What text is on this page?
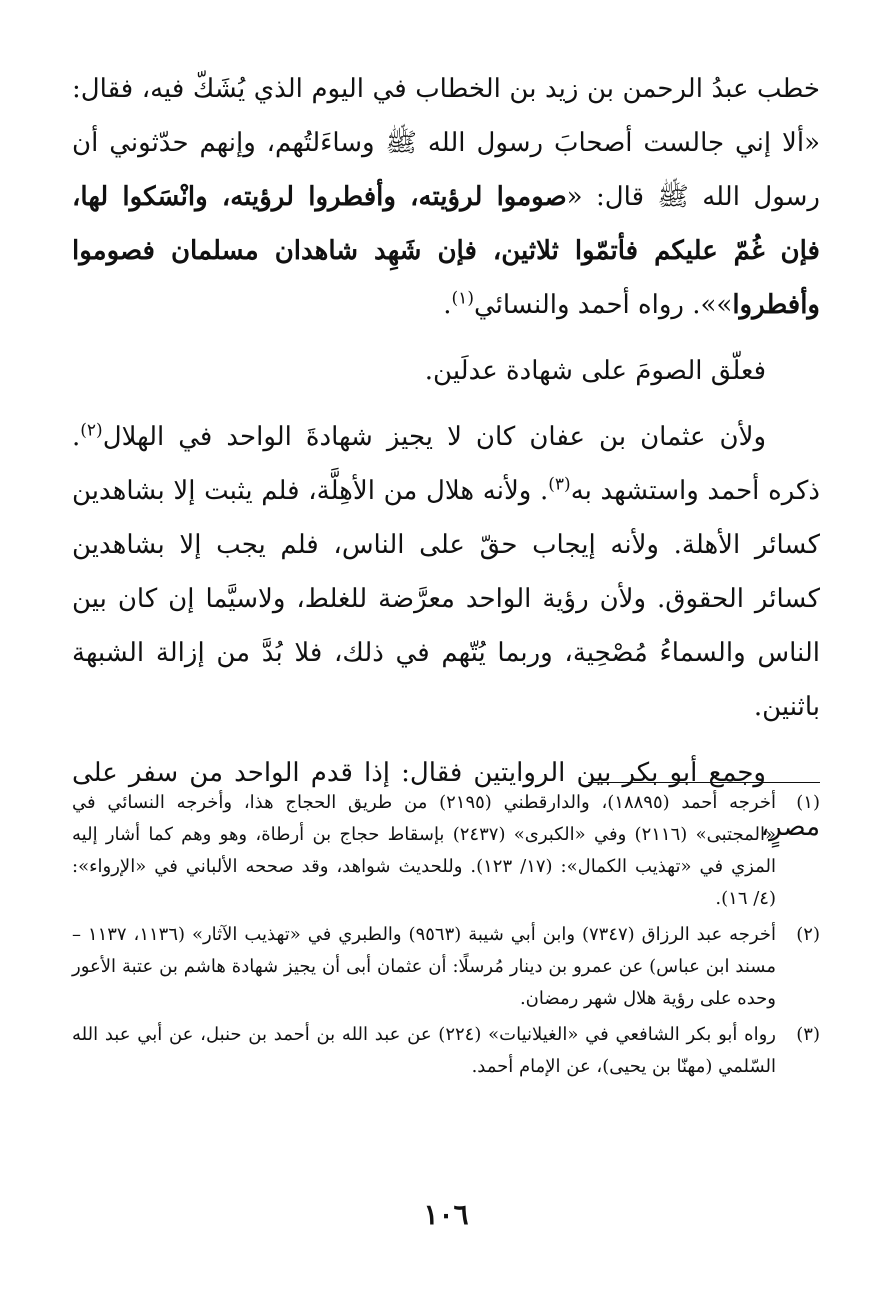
خطب عبدُ الرحمن بن زيد بن الخطاب في اليوم الذي يُشَكّ فيه، فقال: «ألا إني جالست أصحابَ رسول الله ﷺ وساءَلتُهم، وإنهم حدّثوني أن رسول الله ﷺ قال: «صوموا لرؤيته، وأفطروا لرؤيته، وانْسَكوا لها، فإن غُمّ عليكم فأتمّوا ثلاثين، فإن شَهِد شاهدان مسلمان فصوموا وأفطروا»». رواه أحمد والنسائي$^{(١)}$.

فعلّق الصومَ على شهادة عدلَين.

ولأن عثمان بن عفان كان لا يجيز شهادةَ الواحد في الهلال$^{(٢)}$. ذكره أحمد واستشهد به$^{(٣)}$. ولأنه هلال من الأهِلَّة، فلم يثبت إلا بشاهدين كسائر الأهلة. ولأنه إيجاب حقّ على الناس، فلم يجب إلا بشاهدين كسائر الحقوق. ولأن رؤية الواحد معرَّضة للغلط، ولاسيَّما إن كان بين الناس والسماءُ مُصْحِية، وربما يُتّهم في ذلك، فلا بُدَّ من إزالة الشبهة باثنين.

وجمع أبو بكر بين الروايتين فقال: إذا قدم الواحد من سفر على مصرٍ،

(١)
أخرجه أحمد (١٨٨٩٥)، والدارقطني (٢١٩٥) من طريق الحجاج هذا، وأخرجه النسائي في «المجتبى» (٢١١٦) وفي «الكبرى» (٢٤٣٧) بإسقاط حجاج بن أرطاة، وهو وهم كما أشار إليه المزي في «تهذيب الكمال»: (١٧/ ١٢٣). وللحديث شواهد، وقد صححه الألباني في «الإرواء»: (٤/ ١٦).
(٢)
أخرجه عبد الرزاق (٧٣٤٧) وابن أبي شيبة (٩٥٦٣) والطبري في «تهذيب الآثار» (١١٣٦، ١١٣٧ – مسند ابن عباس) عن عمرو بن دينار مُرسلًا: أن عثمان أبى أن يجيز شهادة هاشم بن عتبة الأعور وحده على رؤية هلال شهر رمضان.
(٣)
رواه أبو بكر الشافعي في «الغيلانيات» (٢٢٤) عن عبد الله بن أحمد بن حنبل، عن أبي عبد الله السّلمي (مهنّا بن يحيى)، عن الإمام أحمد.
١٠٦
